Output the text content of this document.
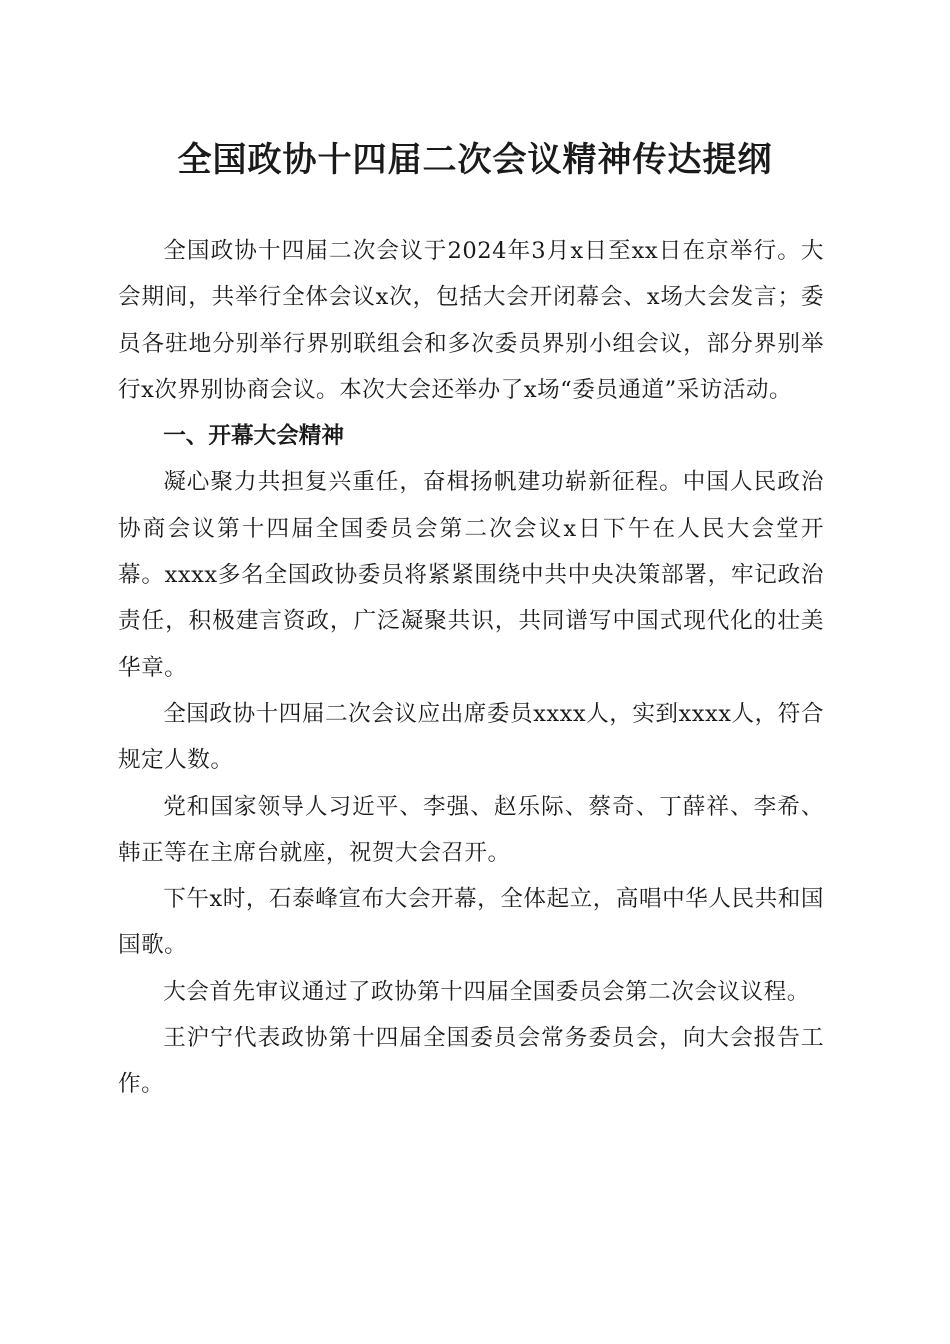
全国政协十四届二次会议精神传达提纲

全国政协十四届二次会议于2024年3月x日至xx日在京举行。大会期间，共举行全体会议x次，包括大会开闭幕会、x场大会发言；委员各驻地分别举行界别联组会和多次委员界别小组会议，部分界别举行x次界别协商会议。本次大会还举办了x场“委员通道”采访活动。

一、开幕大会精神

凝心聚力共担复兴重任，奋楫扬帆建功崭新征程。中国人民政治协商会议第十四届全国委员会第二次会议x日下午在人民大会堂开幕。xxxx多名全国政协委员将紧紧围绕中共中央决策部署，牢记政治责任，积极建言资政，广泛凝聚共识，共同谱写中国式现代化的壮美华章。

全国政协十四届二次会议应出席委员xxxx人，实到xxxx人，符合规定人数。

党和国家领导人习近平、李强、赵乐际、蔡奇、丁薛祥、李希、韩正等在主席台就座，祝贺大会召开。

下午x时，石泰峰宣布大会开幕，全体起立，高唱中华人民共和国国歌。

大会首先审议通过了政协第十四届全国委员会第二次会议议程。

王沪宁代表政协第十四届全国委员会常务委员会，向大会报告工作。
